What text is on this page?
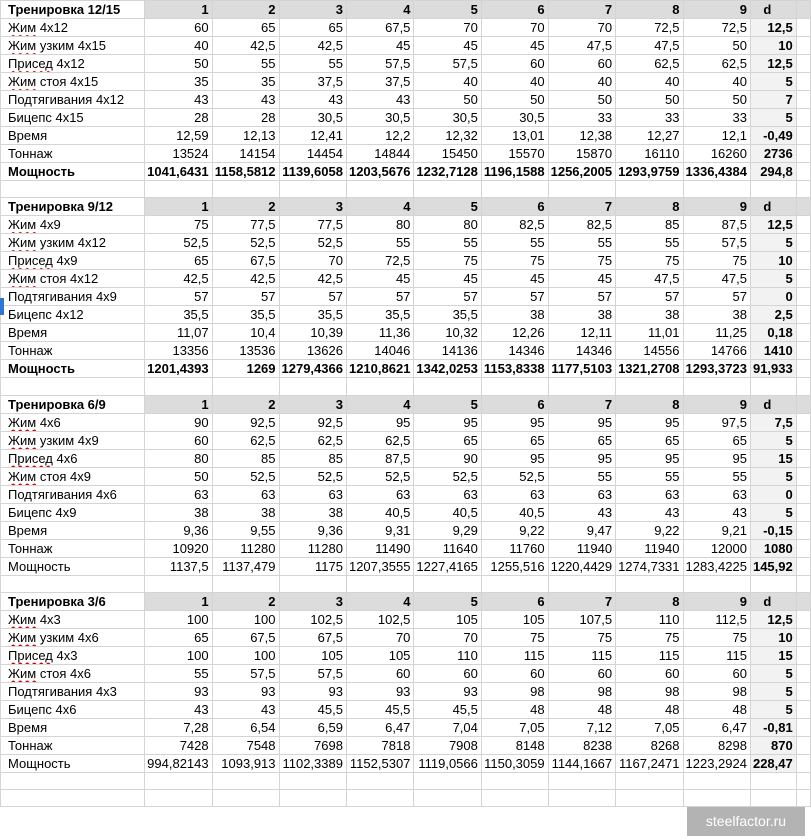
Тренировка 12/15	1	2	3	4	5	6	7	8	9	d	
Жим 4x12	60	65	65	67,5	70	70	70	72,5	72,5	12,5	
Жим узким 4x15	40	42,5	42,5	45	45	45	47,5	47,5	50	10	
Присед 4x12	50	55	55	57,5	57,5	60	60	62,5	62,5	12,5	
Жим стоя 4x15	35	35	37,5	37,5	40	40	40	40	40	5	
Подтягивания 4x12	43	43	43	43	50	50	50	50	50	7	
Бицепс 4x15	28	28	30,5	30,5	30,5	30,5	33	33	33	5	
Время	12,59	12,13	12,41	12,2	12,32	13,01	12,38	12,27	12,1	-0,49	
Тоннаж	13524	14154	14454	14844	15450	15570	15870	16110	16260	2736	
Мощность	1041,6431	1158,5812	1139,6058	1203,5676	1232,7128	1196,1588	1256,2005	1293,9759	1336,4384	294,8	

Тренировка 9/12	1	2	3	4	5	6	7	8	9	d	
Жим 4x9	75	77,5	77,5	80	80	82,5	82,5	85	87,5	12,5	
Жим узким 4x12	52,5	52,5	52,5	55	55	55	55	55	57,5	5	
Присед 4x9	65	67,5	70	72,5	75	75	75	75	75	10	
Жим стоя 4x12	42,5	42,5	42,5	45	45	45	45	47,5	47,5	5	
Подтягивания 4x9	57	57	57	57	57	57	57	57	57	0	
Бицепс 4x12	35,5	35,5	35,5	35,5	35,5	38	38	38	38	2,5	
Время	11,07	10,4	10,39	11,36	10,32	12,26	12,11	11,01	11,25	0,18	
Тоннаж	13356	13536	13626	14046	14136	14346	14346	14556	14766	1410	
Мощность	1201,4393	1269	1279,4366	1210,8621	1342,0253	1153,8338	1177,5103	1321,2708	1293,3723	91,933	

Тренировка 6/9	1	2	3	4	5	6	7	8	9	d	
Жим 4x6	90	92,5	92,5	95	95	95	95	95	97,5	7,5	
Жим узким 4x9	60	62,5	62,5	62,5	65	65	65	65	65	5	
Присед 4x6	80	85	85	87,5	90	95	95	95	95	15	
Жим стоя 4x9	50	52,5	52,5	52,5	52,5	52,5	55	55	55	5	
Подтягивания 4x6	63	63	63	63	63	63	63	63	63	0	
Бицепс 4x9	38	38	38	40,5	40,5	40,5	43	43	43	5	
Время	9,36	9,55	9,36	9,31	9,29	9,22	9,47	9,22	9,21	-0,15	
Тоннаж	10920	11280	11280	11490	11640	11760	11940	11940	12000	1080	
Мощность	1137,5	1137,479	1175	1207,3555	1227,4165	1255,516	1220,4429	1274,7331	1283,4225	145,92	

Тренировка 3/6	1	2	3	4	5	6	7	8	9	d	
Жим 4x3	100	100	102,5	102,5	105	105	107,5	110	112,5	12,5	
Жим узким 4x6	65	67,5	67,5	70	70	75	75	75	75	10	
Присед 4x3	100	100	105	105	110	115	115	115	115	15	
Жим стоя 4x6	55	57,5	57,5	60	60	60	60	60	60	5	
Подтягивания 4x3	93	93	93	93	93	98	98	98	98	5	
Бицепс 4x6	43	43	45,5	45,5	45,5	48	48	48	48	5	
Время	7,28	6,54	6,59	6,47	7,04	7,05	7,12	7,05	6,47	-0,81	
Тоннаж	7428	7548	7698	7818	7908	8148	8238	8268	8298	870	
Мощность	994,82143	1093,913	1102,3389	1152,5307	1119,0566	1150,3059	1144,1667	1167,2471	1223,2924	228,47	

steelfactor.ru
